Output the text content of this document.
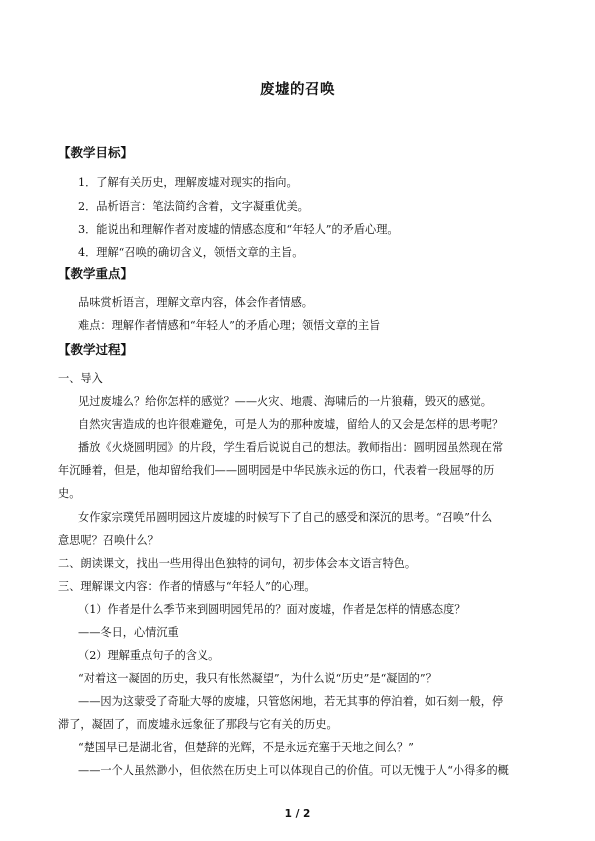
废墟的召唤
【教学目标】
1．了解有关历史，理解废墟对现实的指向。
2．品析语言：笔法简约含着，文字凝重优美。
3．能说出和理解作者对废墟的情感态度和“年轻人”的矛盾心理。
4．理解“召唤的确切含义，领悟文章的主旨。
【教学重点】
品味赏析语言，理解文章内容，体会作者情感。
难点：理解作者情感和“年轻人”的矛盾心理；领悟文章的主旨
【教学过程】
一、导入
见过废墟么？给你怎样的感觉？——火灾、地震、海啸后的一片狼藉，毁灭的感觉。
自然灾害造成的也许很难避免，可是人为的那种废墟，留给人的又会是怎样的思考呢？
播放《火烧圆明园》的片段，学生看后说说自己的想法。教师指出：圆明园虽然现在常
年沉睡着，但是，他却留给我们——圆明园是中华民族永远的伤口，代表着一段屈辱的历
史。
女作家宗璞凭吊圆明园这片废墟的时候写下了自己的感受和深沉的思考。“召唤”什么
意思呢？召唤什么？
二、朗读课文，找出一些用得出色独特的词句，初步体会本文语言特色。
三、理解课文内容：作者的情感与“年轻人”的心理。
（1）作者是什么季节来到圆明园凭吊的？面对废墟，作者是怎样的情感态度？
——冬日，心情沉重
（2）理解重点句子的含义。
“对着这一凝固的历史，我只有怅然凝望”，为什么说“历史”是“凝固的”？
——因为这蒙受了奇耻大辱的废墟，只管悠闲地，若无其事的停泊着，如石刻一般，停
滞了，凝固了，而废墟永远象征了那段与它有关的历史。
“楚国早已是湖北省，但楚辞的光辉，不是永远充塞于天地之间么？”
——一个人虽然渺小，但依然在历史上可以体现自己的价值。可以无愧于人“小得多的概
1 / 2
